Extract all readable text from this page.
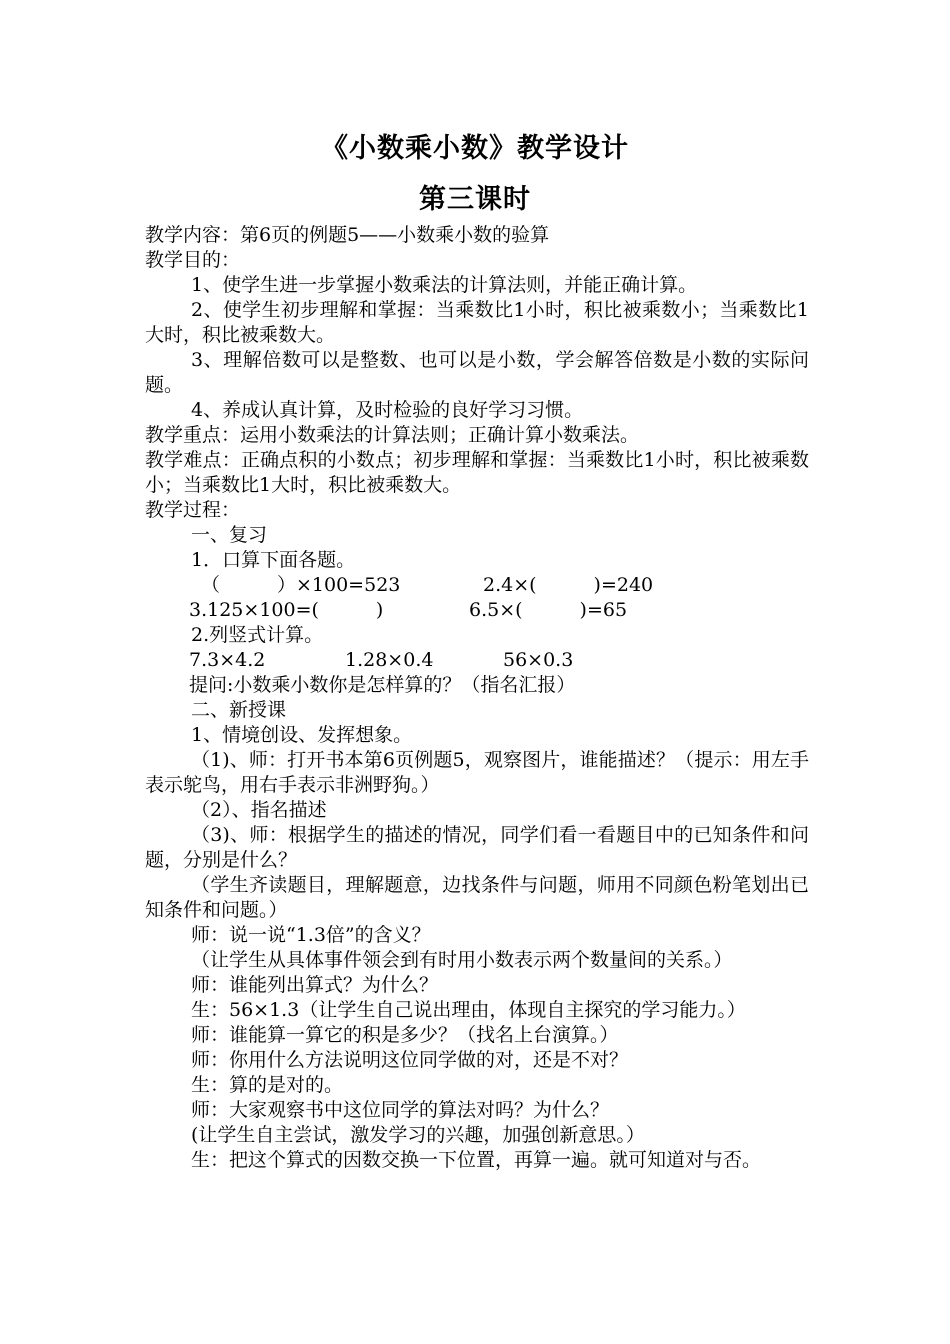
《小数乘小数》教学设计
第三课时
教学内容：第6页的例题5——小数乘小数的验算
教学目的：
1、使学生进一步掌握小数乘法的计算法则，并能正确计算。
2、使学生初步理解和掌握：当乘数比1小时，积比被乘数小；当乘数比1大时，积比被乘数大。
3、理解倍数可以是整数、也可以是小数，学会解答倍数是小数的实际问题。
4、养成认真计算，及时检验的良好学习习惯。
教学重点：运用小数乘法的计算法则；正确计算小数乘法。
教学难点：正确点积的小数点；初步理解和掌握：当乘数比1小时，积比被乘数小；当乘数比1大时，积比被乘数大。
教学过程：
一、复习
1．口算下面各题。
（　　　）×100=523	2.4×(　　　)=240
3.125×100=(　　　)	6.5×(　　　)=65
2.列竖式计算。
7.3×4.2	1.28×0.4	56×0.3
提问:小数乘小数你是怎样算的？（指名汇报）
二、新授课
1、情境创设、发挥想象。
（1)、师：打开书本第6页例题5，观察图片，谁能描述？（提示：用左手表示鸵鸟，用右手表示非洲野狗。）
（2）、指名描述
（3)、师：根据学生的描述的情况，同学们看一看题目中的已知条件和问题，分别是什么？
（学生齐读题目，理解题意，边找条件与问题，师用不同颜色粉笔划出已知条件和问题。）
师：说一说“1.3倍”的含义？
（让学生从具体事件领会到有时用小数表示两个数量间的关系。）
师：谁能列出算式？为什么？
生：56×1.3（让学生自己说出理由，体现自主探究的学习能力。）
师：谁能算一算它的积是多少？（找名上台演算。）
师：你用什么方法说明这位同学做的对，还是不对？
生：算的是对的。
师：大家观察书中这位同学的算法对吗？为什么？
(让学生自主尝试，激发学习的兴趣，加强创新意思。）
生：把这个算式的因数交换一下位置，再算一遍。就可知道对与否。
